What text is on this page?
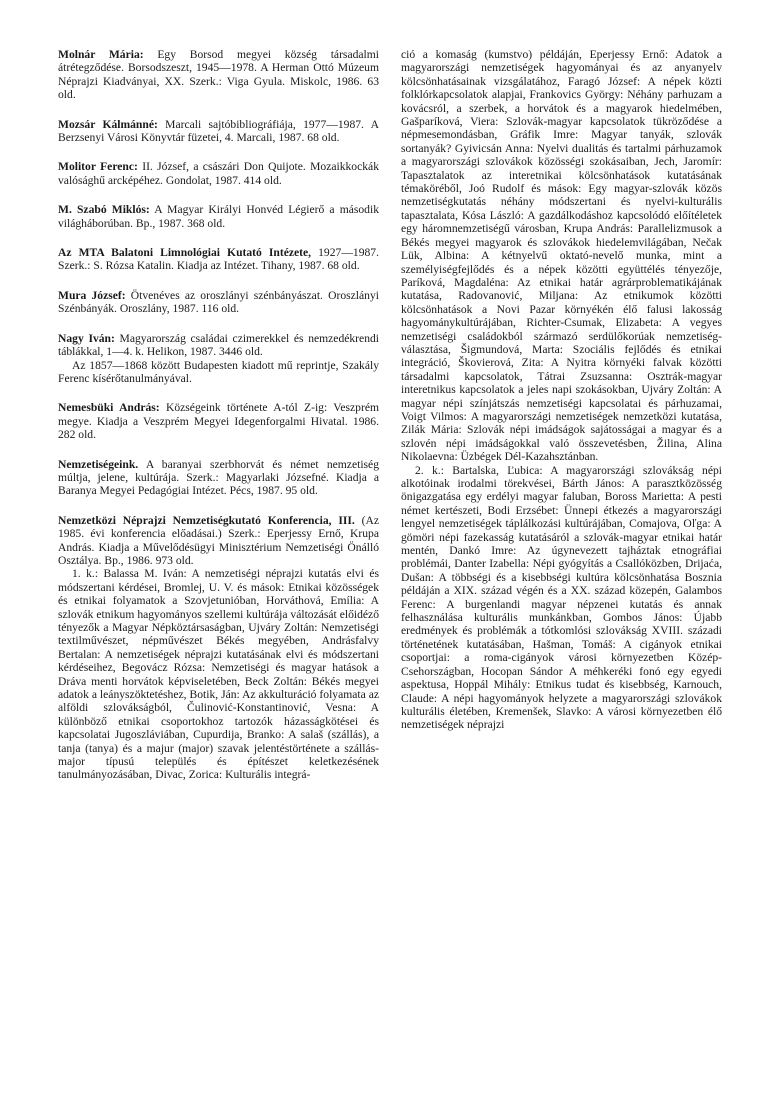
Molnár Mária: Egy Borsod megyei község társadalmi átrétegződése. Borsodszeszt, 1945—1978. A Herman Ottó Múzeum Néprajzi Kiadványai, XX. Szerk.: Viga Gyula. Miskolc, 1986. 63 old.

Mozsár Kálmánné: Marcali sajtóbibliográfiája, 1977—1987. A Berzsenyi Városi Könyvtár füzetei, 4. Marcali, 1987. 68 old.

Molitor Ferenc: II. József, a császári Don Quijote. Mozaikkockák valósághű arcképéhez. Gondolat, 1987. 414 old.

M. Szabó Miklós: A Magyar Királyi Honvéd Légierő a második világháborúban. Bp., 1987. 368 old.

Az MTA Balatoni Limnológiai Kutató Intézete, 1927—1987. Szerk.: S. Rózsa Katalin. Kiadja az Intézet. Tihany, 1987. 68 old.

Mura József: Ötvenéves az oroszlányi szénbányászat. Oroszlányi Szénbányák. Oroszlány, 1987. 116 old.

Nagy Iván: Magyarország családai czimerekkel és nemzedékrendi táblákkal, 1—4. k. Helikon, 1987. 3446 old.

Az 1857—1868 között Budapesten kiadott mű reprintje, Szakály Ferenc kísérőtanulmányával.

Nemesbüki András: Községeink története A-tól Z-ig: Veszprém megye. Kiadja a Veszprém Megyei Idegenforgalmi Hivatal. 1986. 282 old.

Nemzetiségeink. A baranyai szerbhorvát és német nemzetiség múltja, jelene, kultúrája. Szerk.: Magyarlaki Józsefné. Kiadja a Baranya Megyei Pedagógiai Intézet. Pécs, 1987. 95 old.

Nemzetközi Néprajzi Nemzetiségkutató Konferencia, III. (Az 1985. évi konferencia előadásai.) Szerk.: Eperjessy Ernő, Krupa András. Kiadja a Művelődésügyi Minisztérium Nemzetiségi Önálló Osztálya. Bp., 1986. 973 old.

1. k.: Balassa M. Iván: A nemzetiségi néprajzi kutatás elvi és módszertani kérdései, Bromlej, U. V. és mások: Etnikai közösségek és etnikai folyamatok a Szovjetunióban, Horváthová, Emília: A szlovák etnikum hagyományos szellemi kultúrája változását előidéző tényezők a Magyar Népköztársaságban, Ujváry Zoltán: Nemzetiségi textilművészet, népművészet Békés megyében, Andrásfalvy Bertalan: A nemzetiségek néprajzi kutatásának elvi és módszertani kérdéseihez, Begovácz Rózsa: Nemzetiségi és magyar hatások a Dráva menti horvátok képviseletében, Beck Zoltán: Békés megyei adatok a leányszöktetéshez, Botik, Ján: Az akkulturáció folyamata az alföldi szlovákságból, Čulinović-Konstantinović, Vesna: A különböző etnikai csoportokhoz tartozók házasságkötései és kapcsolatai Jugoszláviában, Cupurdija, Branko: A salaš (szállás), a tanja (tanya) és a majur (major) szavak jelentéstörténete a szállás-major típusú település és építészet keletkezésének tanulmányozásában, Divac, Zorica: Kulturális integrá-

ció a komaság (kumstvo) példáján, Eperjessy Ernő: Adatok a magyarországi nemzetiségek hagyományai és az anyanyelv kölcsönhatásainak vizsgálatához, Faragó József: A népek közti folklórkapcsolatok alapjai, Frankovics György: Néhány parhuzam a kovácsról, a szerbek, a horvátok és a magyarok hiedelmében, Gašparíková, Viera: Szlovák-magyar kapcsolatok tükröződése a népmesemondásban, Gráfik Imre: Magyar tanyák, szlovák sortanyák? Gyivicsán Anna: Nyelvi dualitás és tartalmi párhuzamok a magyarországi szlovákok közösségi szokásaiban, Jech, Jaromír: Tapasztalatok az interetnikai kölcsönhatások kutatásának témaköréből, Joó Rudolf és mások: Egy magyar-szlovák közös nemzetiségkutatás néhány módszertani és nyelvi-kulturális tapasztalata, Kósa László: A gazdálkodáshoz kapcsolódó előítéletek egy háromnemzetiségű városban, Krupa András: Parallelizmusok a Békés megyei magyarok és szlovákok hiedelemvilágában, Nečak Lük, Albina: A kétnyelvű oktató-nevelő munka, mint a személyiségfejlődés és a népek közötti együttélés tényezője, Paríková, Magdaléna: Az etnikai határ agrárproblematikájának kutatása, Radovanović, Miljana: Az etnikumok közötti kölcsönhatások a Novi Pazar környékén élő falusi lakosság hagyománykultúrájában, Richter-Csumak, Elizabeta: A vegyes nemzetiségi családokból származó serdülőkorúak nemzetiség-választása, Šigmundová, Marta: Szociális fejlődés és etnikai integráció, Škovierová, Zita: A Nyitra környéki falvak közötti társadalmi kapcsolatok, Tátrai Zsuzsanna: Osztrák-magyar interetnikus kapcsolatok a jeles napi szokásokban, Ujváry Zoltán: A magyar népi színjátszás nemzetiségi kapcsolatai és párhuzamai, Voigt Vilmos: A magyarországi nemzetiségek nemzetközi kutatása, Zilák Mária: Szlovák népi imádságok sajátosságai a magyar és a szlovén népi imádságokkal való összevetésben, Žilina, Alina Nikolaevna: Üzbégek Dél-Kazahsztánban.

2. k.: Bartalska, Ľubica: A magyarországi szlovákság népi alkotóinak irodalmi törekvései, Bárth János: A parasztközösség önigazgatása egy erdélyi magyar faluban, Boross Marietta: A pesti német kertészeti, Bodi Erzsébet: Ünnepi étkezés a magyarországi lengyel nemzetiségek táplálkozási kultúrájában, Comajova, Oľga: A gömöri népi fazekasság kutatásáról a szlovák-magyar etnikai határ mentén, Dankó Imre: Az úgynevezett tajháztak etnográfiai problémái, Danter Izabella: Népi gyógyítás a Csallóközben, Drijaća, Dušan: A többségi és a kisebbségi kultúra kölcsönhatása Bosznia példáján a XIX. század végén és a XX. század közepén, Galambos Ferenc: A burgenlandi magyar népzenei kutatás és annak felhasználása kulturális munkánkban, Gombos János: Újabb eredmények és problémák a tótkomlósi szlovákság XVIII. századi történetének kutatásában, Hašman, Tomáš: A cigányok etnikai csoportjai: a roma-cigányok városi környezetben Közép-Csehországban, Hocopan Sándor A méhkeréki fonó egy egyedi aspektusa, Hoppál Mihály: Etnikus tudat és kisebbség, Karnouch, Claude: A népi hagyományok helyzete a magyarországi szlovákok kulturális életében, Kremenšek, Slavko: A városi környezetben élő nemzetiségek néprajzi
